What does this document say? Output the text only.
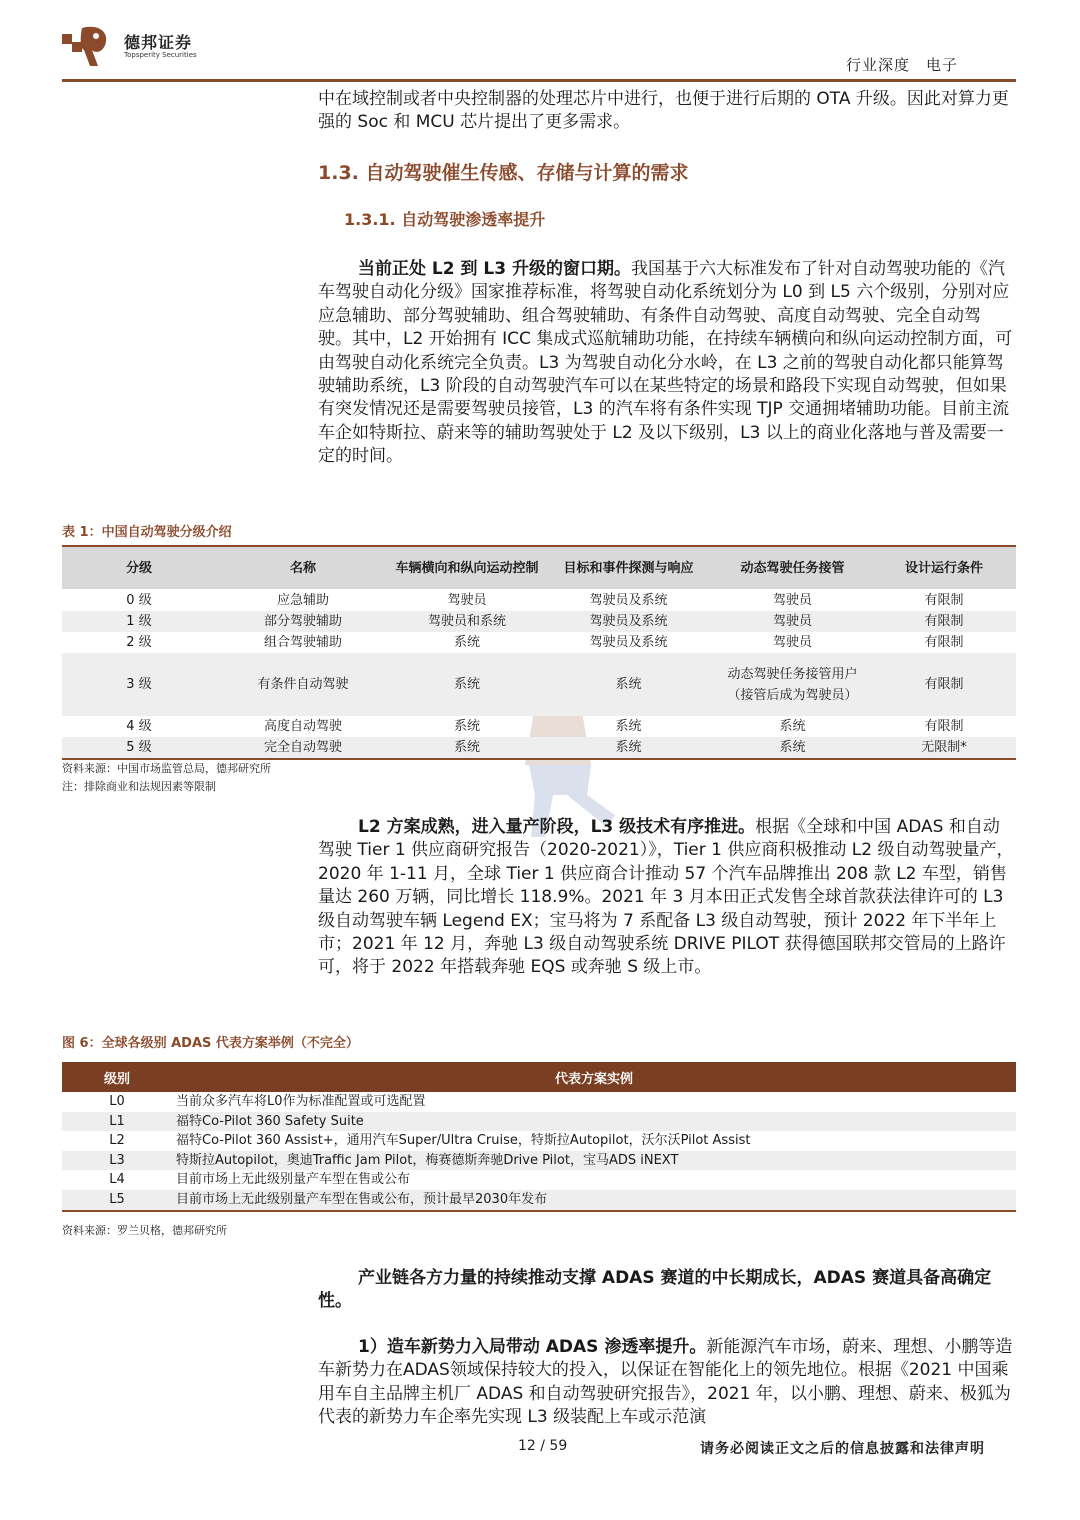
德邦证券
Topsperity Securities
行业深度　电子
中在域控制或者中央控制器的处理芯片中进行，也便于进行后期的 OTA 升级。因此对算力更强的 Soc 和 MCU 芯片提出了更多需求。
1.3. 自动驾驶催生传感、存储与计算的需求
1.3.1. 自动驾驶渗透率提升
当前正处 L2 到 L3 升级的窗口期。我国基于六大标准发布了针对自动驾驶功能的《汽车驾驶自动化分级》国家推荐标准，将驾驶自动化系统划分为 L0 到 L5 六个级别，分别对应应急辅助、部分驾驶辅助、组合驾驶辅助、有条件自动驾驶、高度自动驾驶、完全自动驾驶。其中，L2 开始拥有 ICC 集成式巡航辅助功能，在持续车辆横向和纵向运动控制方面，可由驾驶自动化系统完全负责。L3 为驾驶自动化分水岭，在 L3 之前的驾驶自动化都只能算驾驶辅助系统，L3 阶段的自动驾驶汽车可以在某些特定的场景和路段下实现自动驾驶，但如果有突发情况还是需要驾驶员接管，L3 的汽车将有条件实现 TJP 交通拥堵辅助功能。目前主流车企如特斯拉、蔚来等的辅助驾驶处于 L2 及以下级别，L3 以上的商业化落地与普及需要一定的时间。
表 1：中国自动驾驶分级介绍
分级	名称	车辆横向和纵向运动控制	目标和事件探测与响应	动态驾驶任务接管	设计运行条件
0 级	应急辅助	驾驶员	驾驶员及系统	驾驶员	有限制
1 级	部分驾驶辅助	驾驶员和系统	驾驶员及系统	驾驶员	有限制
2 级	组合驾驶辅助	系统	驾驶员及系统	驾驶员	有限制
3 级	有条件自动驾驶	系统	系统	动态驾驶任务接管用户（接管后成为驾驶员）	有限制
4 级	高度自动驾驶	系统	系统	系统	有限制
5 级	完全自动驾驶	系统	系统	系统	无限制*
资料来源：中国市场监管总局，德邦研究所
注：排除商业和法规因素等限制
L2 方案成熟，进入量产阶段，L3 级技术有序推进。根据《全球和中国 ADAS 和自动驾驶 Tier 1 供应商研究报告（2020-2021）》，Tier 1 供应商积极推动 L2 级自动驾驶量产，2020 年 1-11 月，全球 Tier 1 供应商合计推动 57 个汽车品牌推出 208 款 L2 车型，销售量达 260 万辆，同比增长 118.9%。2021 年 3 月本田正式发售全球首款获法律许可的 L3 级自动驾驶车辆 Legend EX；宝马将为 7 系配备 L3 级自动驾驶，预计 2022 年下半年上市；2021 年 12 月，奔驰 L3 级自动驾驶系统 DRIVE PILOT 获得德国联邦交管局的上路许可，将于 2022 年搭载奔驰 EQS 或奔驰 S 级上市。
图 6：全球各级别 ADAS 代表方案举例（不完全）
级别	代表方案实例
L0	当前众多汽车将L0作为标准配置或可选配置
L1	福特Co-Pilot 360 Safety Suite
L2	福特Co-Pilot 360 Assist+，通用汽车Super/Ultra Cruise，特斯拉Autopilot，沃尔沃Pilot Assist
L3	特斯拉Autopilot，奥迪Traffic Jam Pilot，梅赛德斯奔驰Drive Pilot，宝马ADS iNEXT
L4	目前市场上无此级别量产车型在售或公布
L5	目前市场上无此级别量产车型在售或公布，预计最早2030年发布
资料来源：罗兰贝格，德邦研究所
产业链各方力量的持续推动支撑 ADAS 赛道的中长期成长，ADAS 赛道具备高确定性。
1）造车新势力入局带动 ADAS 渗透率提升。新能源汽车市场，蔚来、理想、小鹏等造车新势力在ADAS领域保持较大的投入，以保证在智能化上的领先地位。根据《2021 中国乘用车自主品牌主机厂 ADAS 和自动驾驶研究报告》，2021 年，以小鹏、理想、蔚来、极狐为代表的新势力车企率先实现 L3 级装配上车或示范演
12 / 59	请务必阅读正文之后的信息披露和法律声明
